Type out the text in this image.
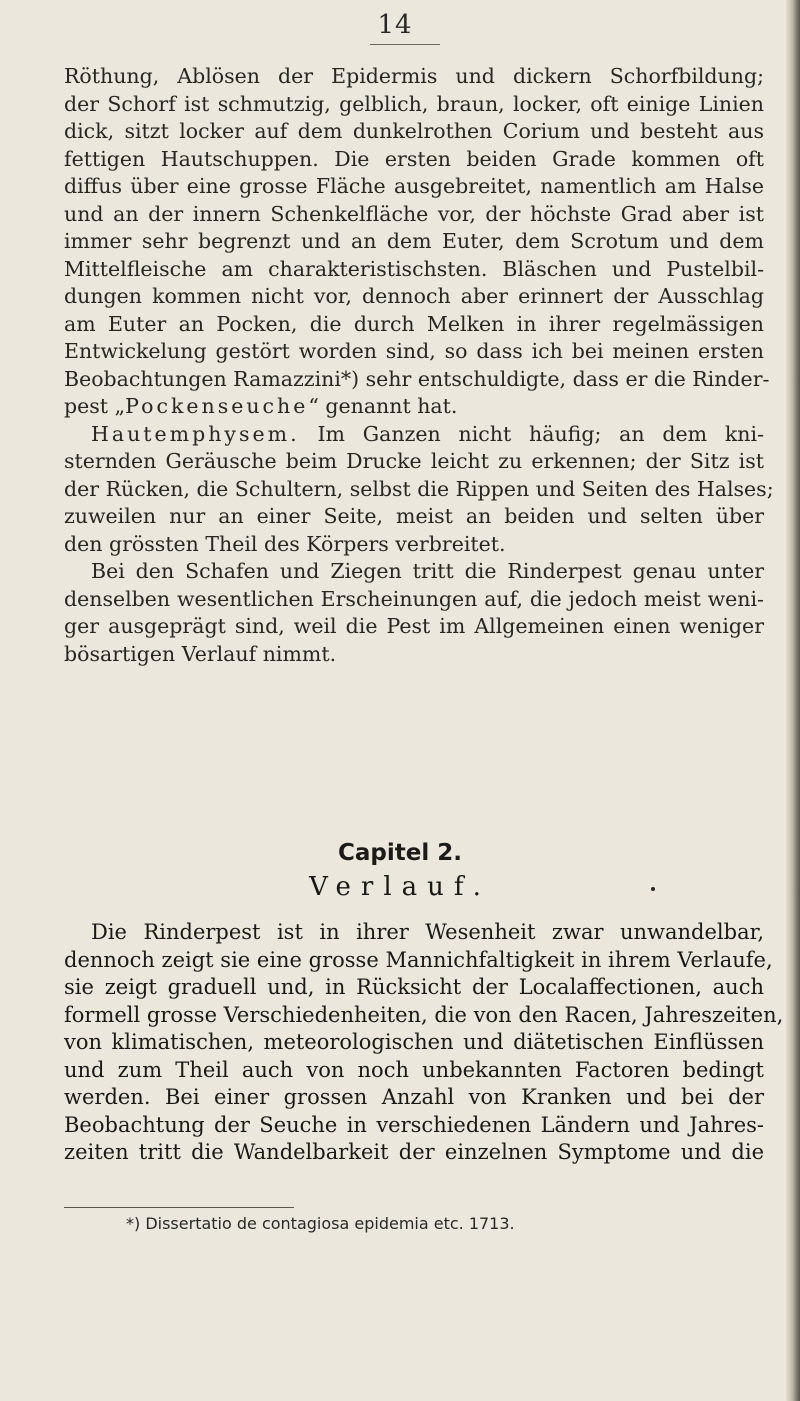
14
Röthung, Ablösen der Epidermis und dickern Schorfbildung;
der Schorf ist schmutzig, gelblich, braun, locker, oft einige Linien
dick, sitzt locker auf dem dunkelrothen Corium und besteht aus
fettigen Hautschuppen. Die ersten beiden Grade kommen oft
diffus über eine grosse Fläche ausgebreitet, namentlich am Halse
und an der innern Schenkelfläche vor, der höchste Grad aber ist
immer sehr begrenzt und an dem Euter, dem Scrotum und dem
Mittelfleische am charakteristischsten. Bläschen und Pustelbil-
dungen kommen nicht vor, dennoch aber erinnert der Ausschlag
am Euter an Pocken, die durch Melken in ihrer regelmässigen
Entwickelung gestört worden sind, so dass ich bei meinen ersten
Beobachtungen Ramazzini*) sehr entschuldigte, dass er die Rinder-
pest „Pockenseuche“ genannt hat.
Hautemphysem. Im Ganzen nicht häufig; an dem kni-
sternden Geräusche beim Drucke leicht zu erkennen; der Sitz ist
der Rücken, die Schultern, selbst die Rippen und Seiten des Halses;
zuweilen nur an einer Seite, meist an beiden und selten über
den grössten Theil des Körpers verbreitet.
Bei den Schafen und Ziegen tritt die Rinderpest genau unter
denselben wesentlichen Erscheinungen auf, die jedoch meist weni-
ger ausgeprägt sind, weil die Pest im Allgemeinen einen weniger
bösartigen Verlauf nimmt.
Capitel 2.
Verlauf.
Die Rinderpest ist in ihrer Wesenheit zwar unwandelbar,
dennoch zeigt sie eine grosse Mannichfaltigkeit in ihrem Verlaufe,
sie zeigt graduell und, in Rücksicht der Localaffectionen, auch
formell grosse Verschiedenheiten, die von den Racen, Jahreszeiten,
von klimatischen, meteorologischen und diätetischen Einflüssen
und zum Theil auch von noch unbekannten Factoren bedingt
werden. Bei einer grossen Anzahl von Kranken und bei der
Beobachtung der Seuche in verschiedenen Ländern und Jahres-
zeiten tritt die Wandelbarkeit der einzelnen Symptome und die
*) Dissertatio de contagiosa epidemia etc. 1713.
